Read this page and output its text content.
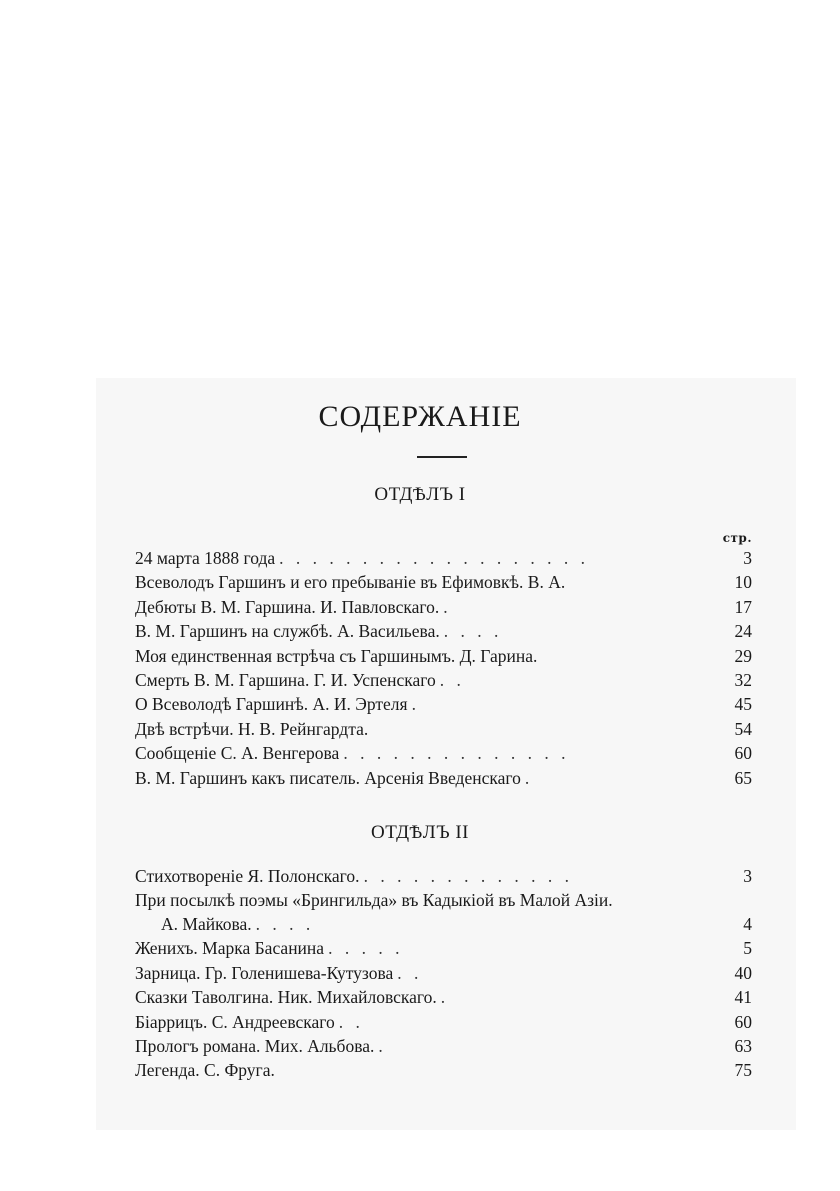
СОДЕРЖАНІЕ
ОТДѢЛЪ I
стр.
24 марта 1888 года . . . . . . . . . . . . . . . . . . .	3
Всеволодъ Гаршинъ и его пребываніе въ Ефимовкѣ. В. А.	10
Дебюты В. М. Гаршина. И. Павловскаго. .	17
В. М. Гаршинъ на службѣ. А. Васильева. . . . .	24
Моя единственная встрѣча съ Гаршинымъ. Д. Гарина.	29
Смерть В. М. Гаршина. Г. И. Успенскаго . .	32
О Всеволодѣ Гаршинѣ. А. И. Эртеля .	45
Двѣ встрѣчи. Н. В. Рейнгардта.	54
Сообщеніе С. А. Венгерова . . . . . . . . . . . . . .	60
В. М. Гаршинъ какъ писатель. Арсенія Введенскаго .	65
ОТДѢЛЪ II
Стихотвореніе Я. Полонскаго. . . . . . . . . . . . . .	3
При посылкѣ поэмы «Брингильда» въ Кадыкіой въ Малой Азіи.
А. Майкова. . . . .	4
Женихъ. Марка Басанина . . . . .	5
Зарница. Гр. Голенишева-Кутузова . .	40
Сказки Таволгина. Ник. Михайловскаго. .	41
Біаррицъ. С. Андреевскаго . .	60
Прологъ романа. Мих. Альбова. .	63
Легенда. С. Фруга.	75
